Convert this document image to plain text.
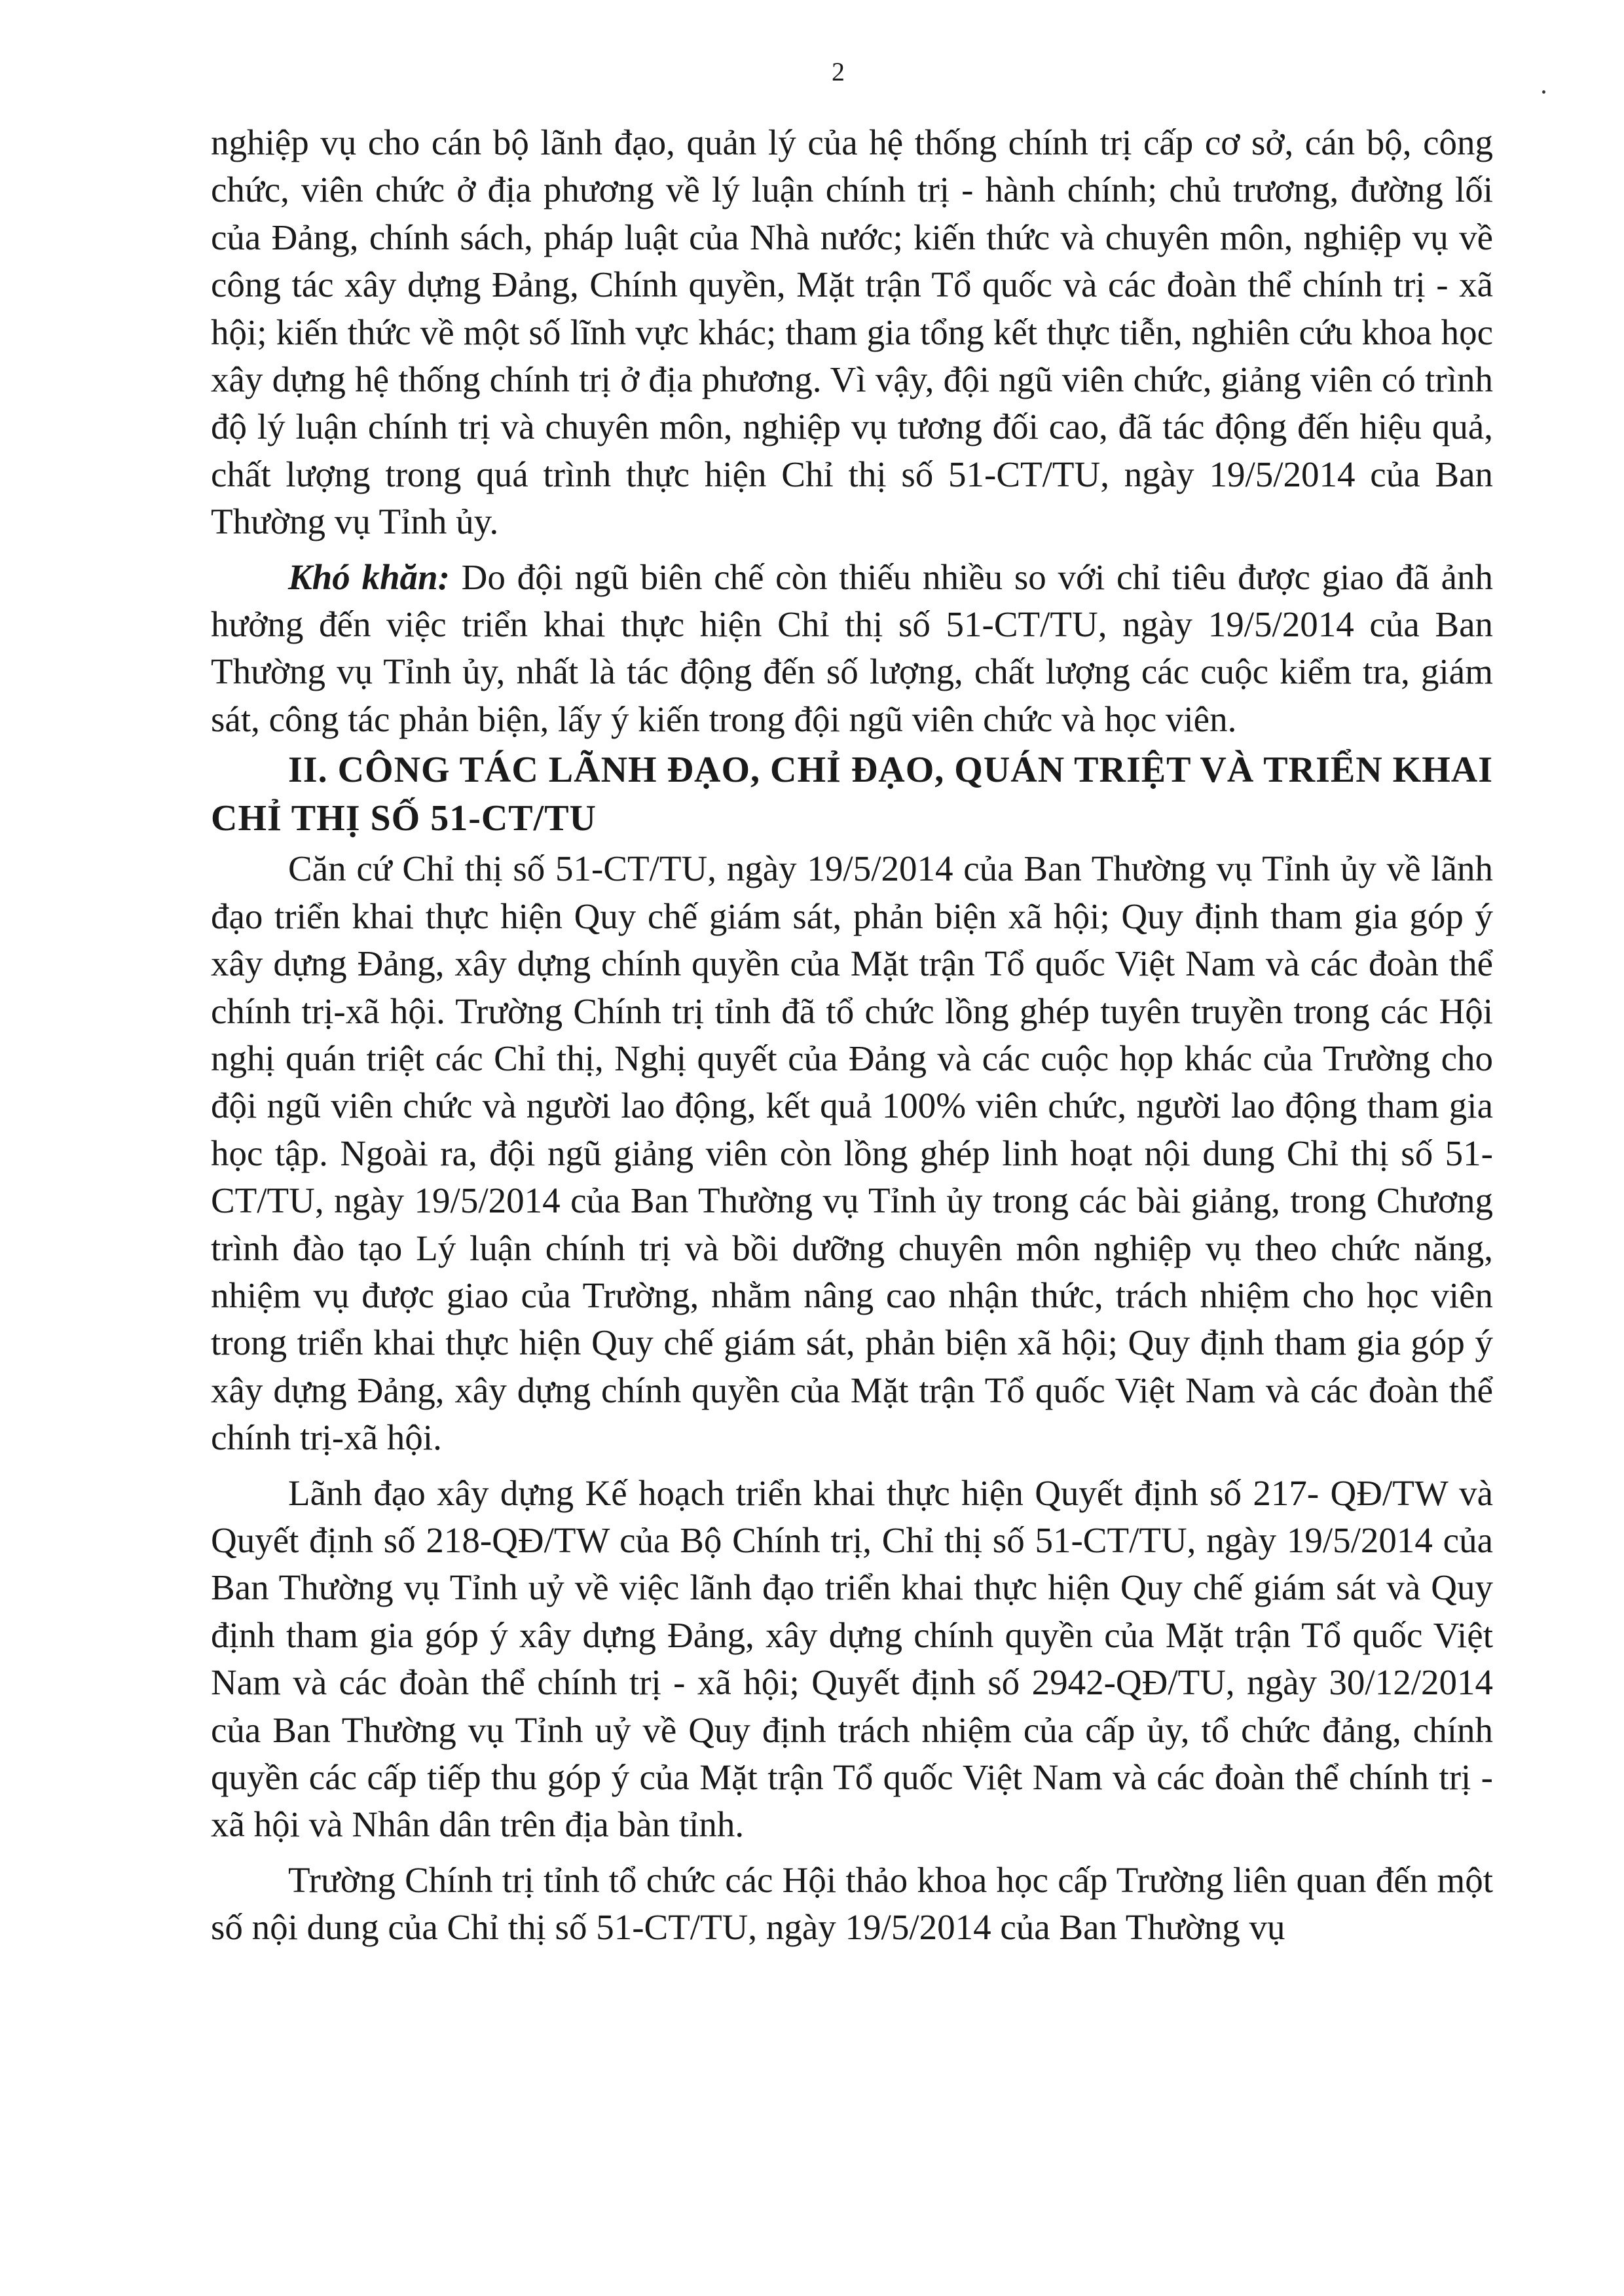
2

nghiệp vụ cho cán bộ lãnh đạo, quản lý của hệ thống chính trị cấp cơ sở, cán bộ, công chức, viên chức ở địa phương về lý luận chính trị - hành chính; chủ trương, đường lối của Đảng, chính sách, pháp luật của Nhà nước; kiến thức và chuyên môn, nghiệp vụ về công tác xây dựng Đảng, Chính quyền, Mặt trận Tổ quốc và các đoàn thể chính trị - xã hội; kiến thức về một số lĩnh vực khác; tham gia tổng kết thực tiễn, nghiên cứu khoa học xây dựng hệ thống chính trị ở địa phương. Vì vậy, đội ngũ viên chức, giảng viên có trình độ lý luận chính trị và chuyên môn, nghiệp vụ tương đối cao, đã tác động đến hiệu quả, chất lượng trong quá trình thực hiện Chỉ thị số 51-CT/TU, ngày 19/5/2014 của Ban Thường vụ Tỉnh ủy.

Khó khăn: Do đội ngũ biên chế còn thiếu nhiều so với chỉ tiêu được giao đã ảnh hưởng đến việc triển khai thực hiện Chỉ thị số 51-CT/TU, ngày 19/5/2014 của Ban Thường vụ Tỉnh ủy, nhất là tác động đến số lượng, chất lượng các cuộc kiểm tra, giám sát, công tác phản biện, lấy ý kiến trong đội ngũ viên chức và học viên.

II. CÔNG TÁC LÃNH ĐẠO, CHỈ ĐẠO, QUÁN TRIỆT VÀ TRIỂN KHAI CHỈ THỊ SỐ 51-CT/TU

Căn cứ Chỉ thị số 51-CT/TU, ngày 19/5/2014 của Ban Thường vụ Tỉnh ủy về lãnh đạo triển khai thực hiện Quy chế giám sát, phản biện xã hội; Quy định tham gia góp ý xây dựng Đảng, xây dựng chính quyền của Mặt trận Tổ quốc Việt Nam và các đoàn thể chính trị-xã hội. Trường Chính trị tỉnh đã tổ chức lồng ghép tuyên truyền trong các Hội nghị quán triệt các Chỉ thị, Nghị quyết của Đảng và các cuộc họp khác của Trường cho đội ngũ viên chức và người lao động, kết quả 100% viên chức, người lao động tham gia học tập. Ngoài ra, đội ngũ giảng viên còn lồng ghép linh hoạt nội dung Chỉ thị số 51-CT/TU, ngày 19/5/2014 của Ban Thường vụ Tỉnh ủy trong các bài giảng, trong Chương trình đào tạo Lý luận chính trị và bồi dưỡng chuyên môn nghiệp vụ theo chức năng, nhiệm vụ được giao của Trường, nhằm nâng cao nhận thức, trách nhiệm cho học viên trong triển khai thực hiện Quy chế giám sát, phản biện xã hội; Quy định tham gia góp ý xây dựng Đảng, xây dựng chính quyền của Mặt trận Tổ quốc Việt Nam và các đoàn thể chính trị-xã hội.

Lãnh đạo xây dựng Kế hoạch triển khai thực hiện Quyết định số 217- QĐ/TW và Quyết định số 218-QĐ/TW của Bộ Chính trị, Chỉ thị số 51-CT/TU, ngày 19/5/2014 của Ban Thường vụ Tỉnh uỷ về việc lãnh đạo triển khai thực hiện Quy chế giám sát và Quy định tham gia góp ý xây dựng Đảng, xây dựng chính quyền của Mặt trận Tổ quốc Việt Nam và các đoàn thể chính trị - xã hội; Quyết định số 2942-QĐ/TU, ngày 30/12/2014 của Ban Thường vụ Tỉnh uỷ về Quy định trách nhiệm của cấp ủy, tổ chức đảng, chính quyền các cấp tiếp thu góp ý của Mặt trận Tổ quốc Việt Nam và các đoàn thể chính trị - xã hội và Nhân dân trên địa bàn tỉnh.

Trường Chính trị tỉnh tổ chức các Hội thảo khoa học cấp Trường liên quan đến một số nội dung của Chỉ thị số 51-CT/TU, ngày 19/5/2014 của Ban Thường vụ
